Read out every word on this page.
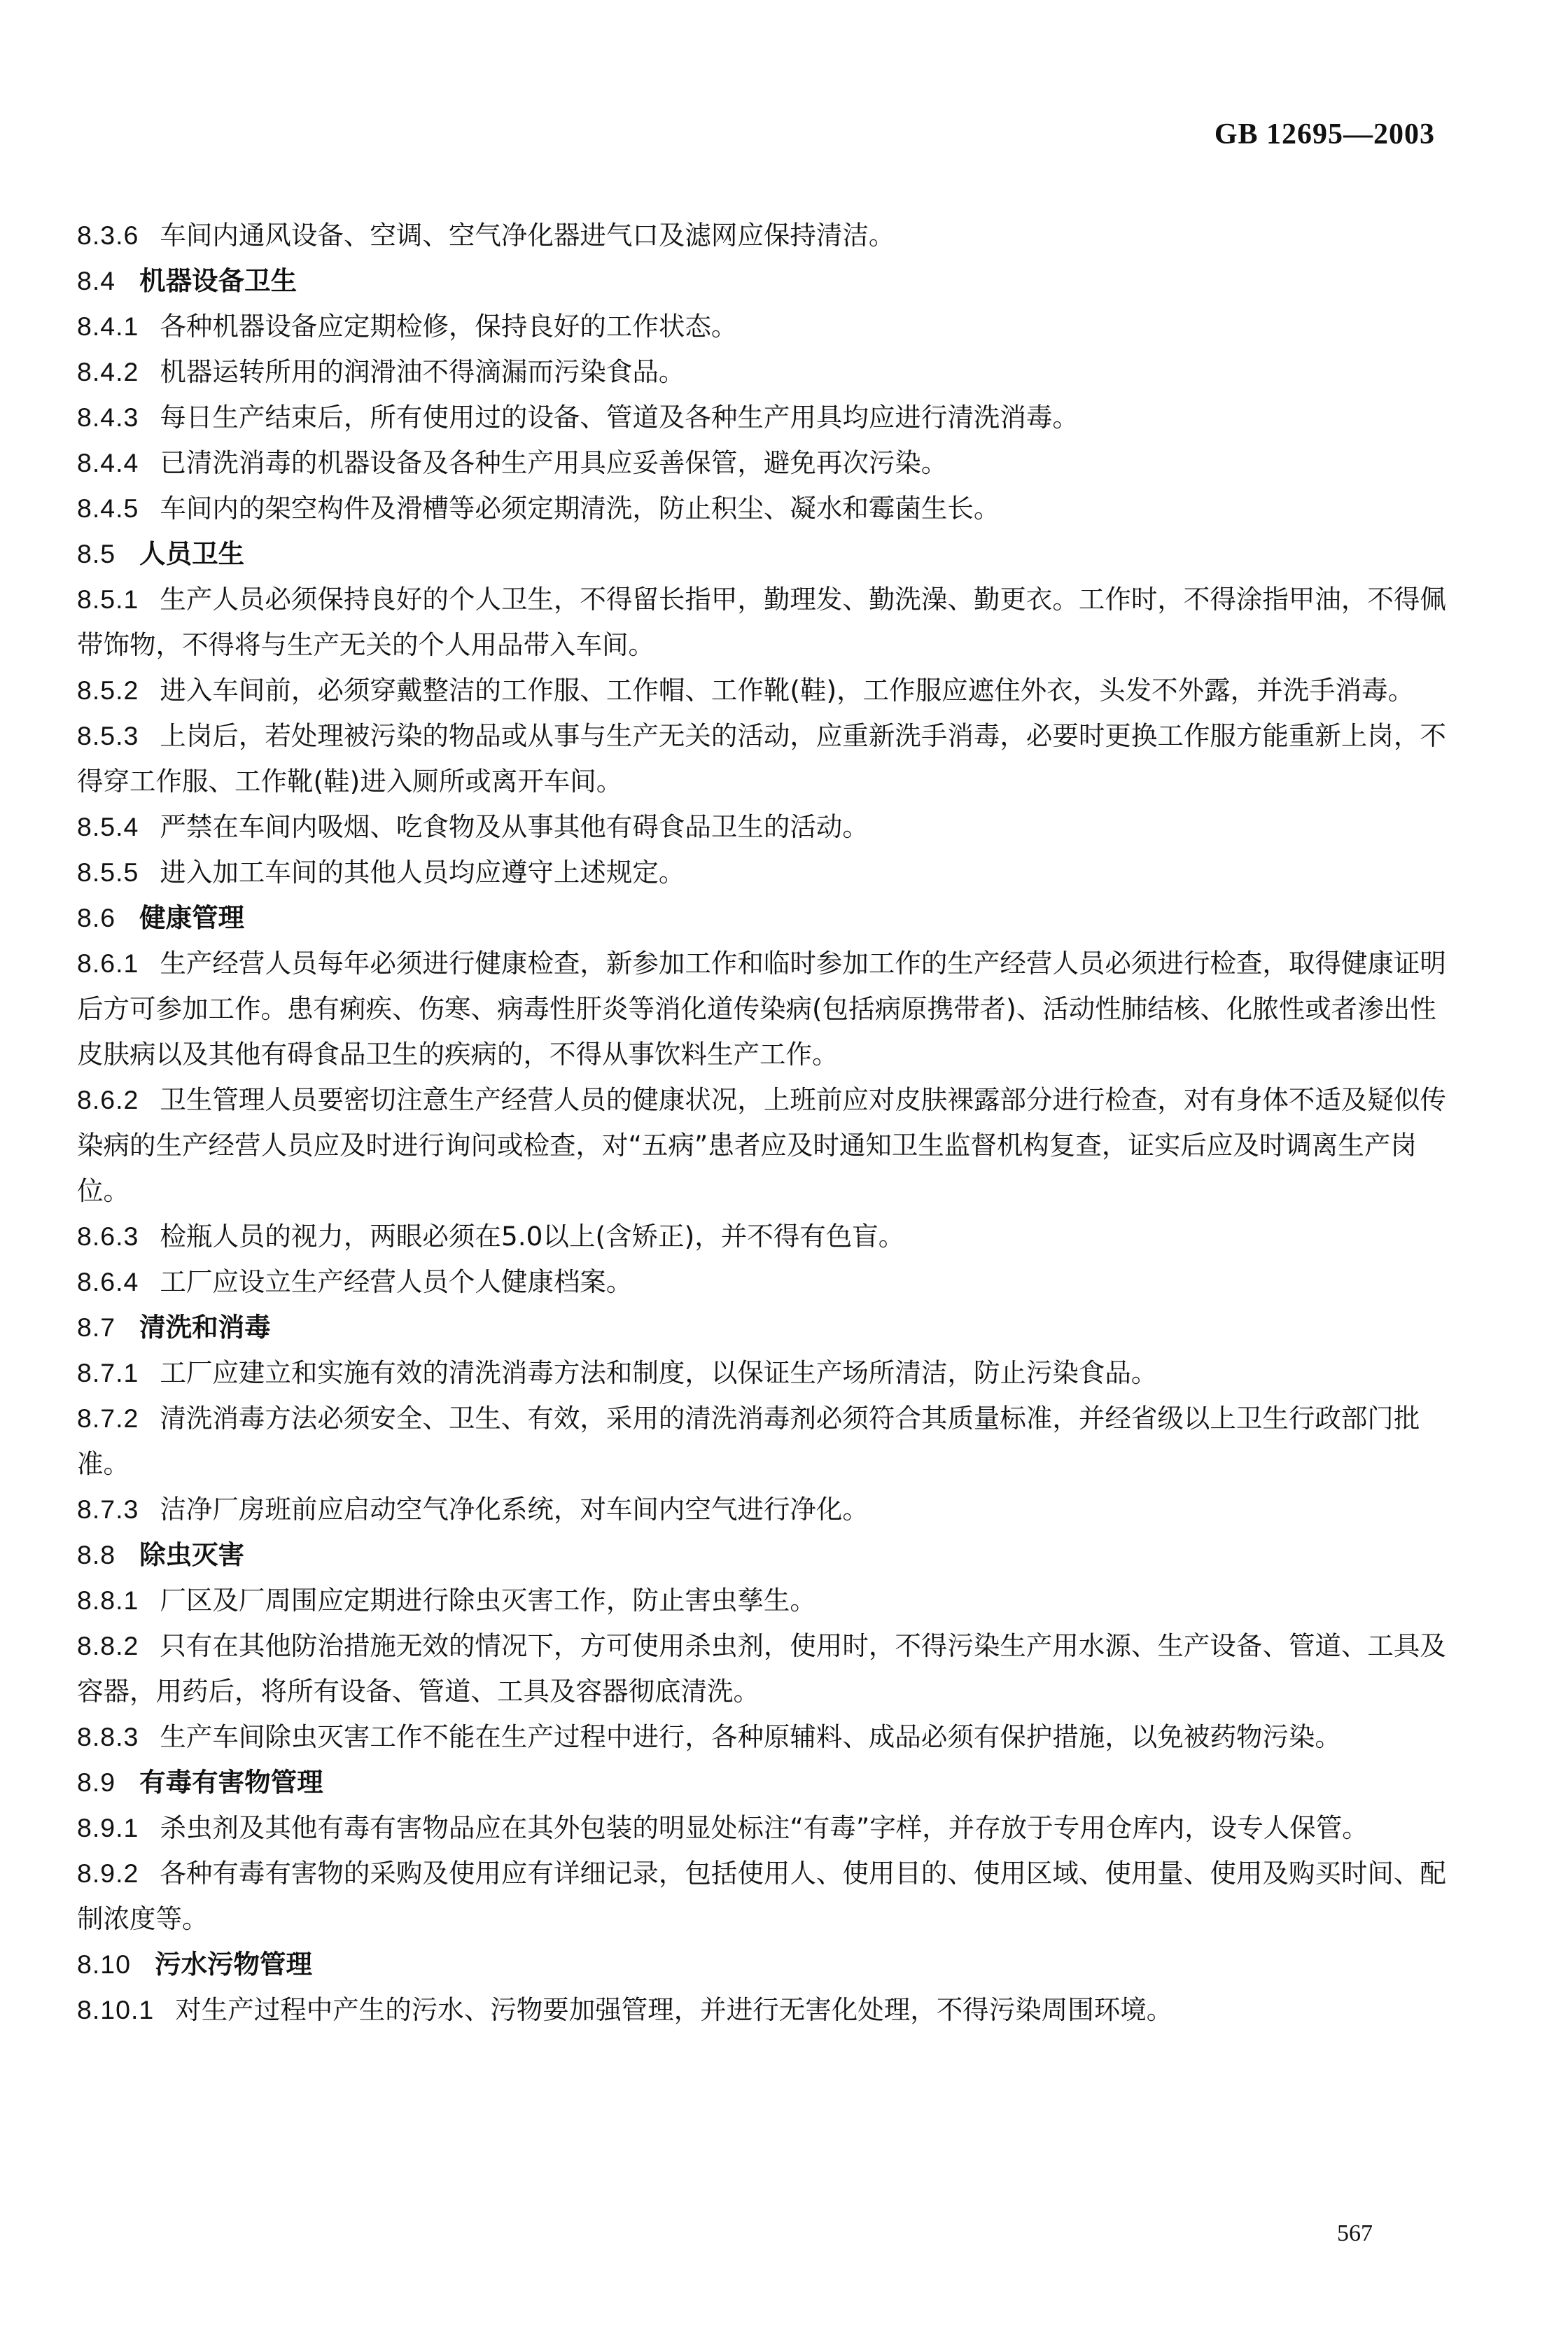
GB 12695—2003
8.3.6 车间内通风设备、空调、空气净化器进气口及滤网应保持清洁。
8.4 机器设备卫生
8.4.1 各种机器设备应定期检修，保持良好的工作状态。
8.4.2 机器运转所用的润滑油不得滴漏而污染食品。
8.4.3 每日生产结束后，所有使用过的设备、管道及各种生产用具均应进行清洗消毒。
8.4.4 已清洗消毒的机器设备及各种生产用具应妥善保管，避免再次污染。
8.4.5 车间内的架空构件及滑槽等必须定期清洗，防止积尘、凝水和霉菌生长。
8.5 人员卫生
8.5.1 生产人员必须保持良好的个人卫生，不得留长指甲，勤理发、勤洗澡、勤更衣。工作时，不得涂指甲油，不得佩带饰物，不得将与生产无关的个人用品带入车间。
8.5.2 进入车间前，必须穿戴整洁的工作服、工作帽、工作靴(鞋)，工作服应遮住外衣，头发不外露，并洗手消毒。
8.5.3 上岗后，若处理被污染的物品或从事与生产无关的活动，应重新洗手消毒，必要时更换工作服方能重新上岗，不得穿工作服、工作靴(鞋)进入厕所或离开车间。
8.5.4 严禁在车间内吸烟、吃食物及从事其他有碍食品卫生的活动。
8.5.5 进入加工车间的其他人员均应遵守上述规定。
8.6 健康管理
8.6.1 生产经营人员每年必须进行健康检查，新参加工作和临时参加工作的生产经营人员必须进行检查，取得健康证明后方可参加工作。患有痢疾、伤寒、病毒性肝炎等消化道传染病(包括病原携带者)、活动性肺结核、化脓性或者渗出性皮肤病以及其他有碍食品卫生的疾病的，不得从事饮料生产工作。
8.6.2 卫生管理人员要密切注意生产经营人员的健康状况，上班前应对皮肤裸露部分进行检查，对有身体不适及疑似传染病的生产经营人员应及时进行询问或检查，对“五病”患者应及时通知卫生监督机构复查，证实后应及时调离生产岗位。
8.6.3 检瓶人员的视力，两眼必须在5.0以上(含矫正)，并不得有色盲。
8.6.4 工厂应设立生产经营人员个人健康档案。
8.7 清洗和消毒
8.7.1 工厂应建立和实施有效的清洗消毒方法和制度，以保证生产场所清洁，防止污染食品。
8.7.2 清洗消毒方法必须安全、卫生、有效，采用的清洗消毒剂必须符合其质量标准，并经省级以上卫生行政部门批准。
8.7.3 洁净厂房班前应启动空气净化系统，对车间内空气进行净化。
8.8 除虫灭害
8.8.1 厂区及厂周围应定期进行除虫灭害工作，防止害虫孳生。
8.8.2 只有在其他防治措施无效的情况下，方可使用杀虫剂，使用时，不得污染生产用水源、生产设备、管道、工具及容器，用药后，将所有设备、管道、工具及容器彻底清洗。
8.8.3 生产车间除虫灭害工作不能在生产过程中进行，各种原辅料、成品必须有保护措施，以免被药物污染。
8.9 有毒有害物管理
8.9.1 杀虫剂及其他有毒有害物品应在其外包装的明显处标注“有毒”字样，并存放于专用仓库内，设专人保管。
8.9.2 各种有毒有害物的采购及使用应有详细记录，包括使用人、使用目的、使用区域、使用量、使用及购买时间、配制浓度等。
8.10 污水污物管理
8.10.1 对生产过程中产生的污水、污物要加强管理，并进行无害化处理，不得污染周围环境。
567
